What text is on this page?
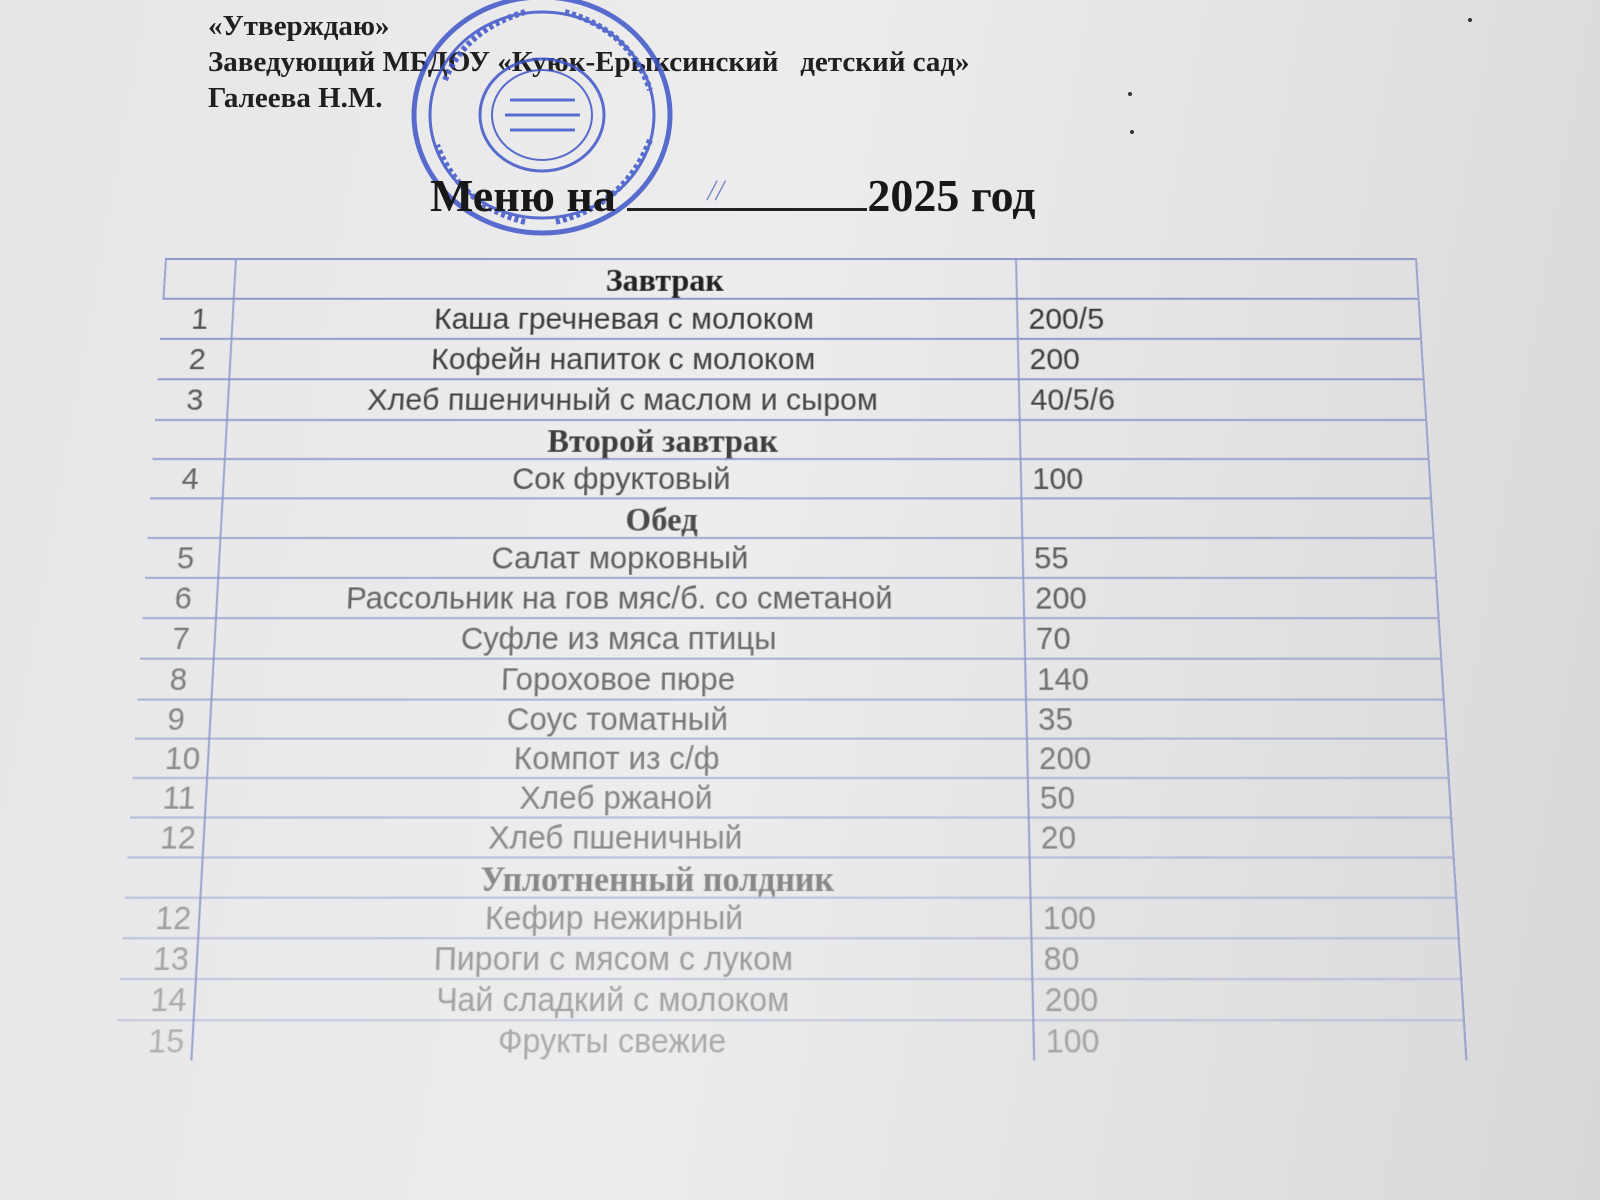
«Утверждаю»
Заведующий МБДОУ «Куюк-Ерыксинский   детский сад»
Галеева Н.М.
Меню на	//	2025 год
Завтрак
1	Каша гречневая с молоком	200/5
2	Кофейн напиток с молоком	200
3	Хлеб пшеничный с маслом и сыром	40/5/6
Второй завтрак
4	Сок фруктовый	100
Обед
5	Салат морковный	55
6	Рассольник на гов мяс/б. со сметаной	200
7	Суфле из мяса птицы	70
8	Гороховое пюре	140
9	Соус томатный	35
10	Компот из с/ф	200
11	Хлеб ржаной	50
12	Хлеб пшеничный	20
Уплотненный полдник
12	Кефир нежирный	100
13	Пироги с мясом с луком	80
14	Чай сладкий с молоком	200
15	Фрукты свежие	100
